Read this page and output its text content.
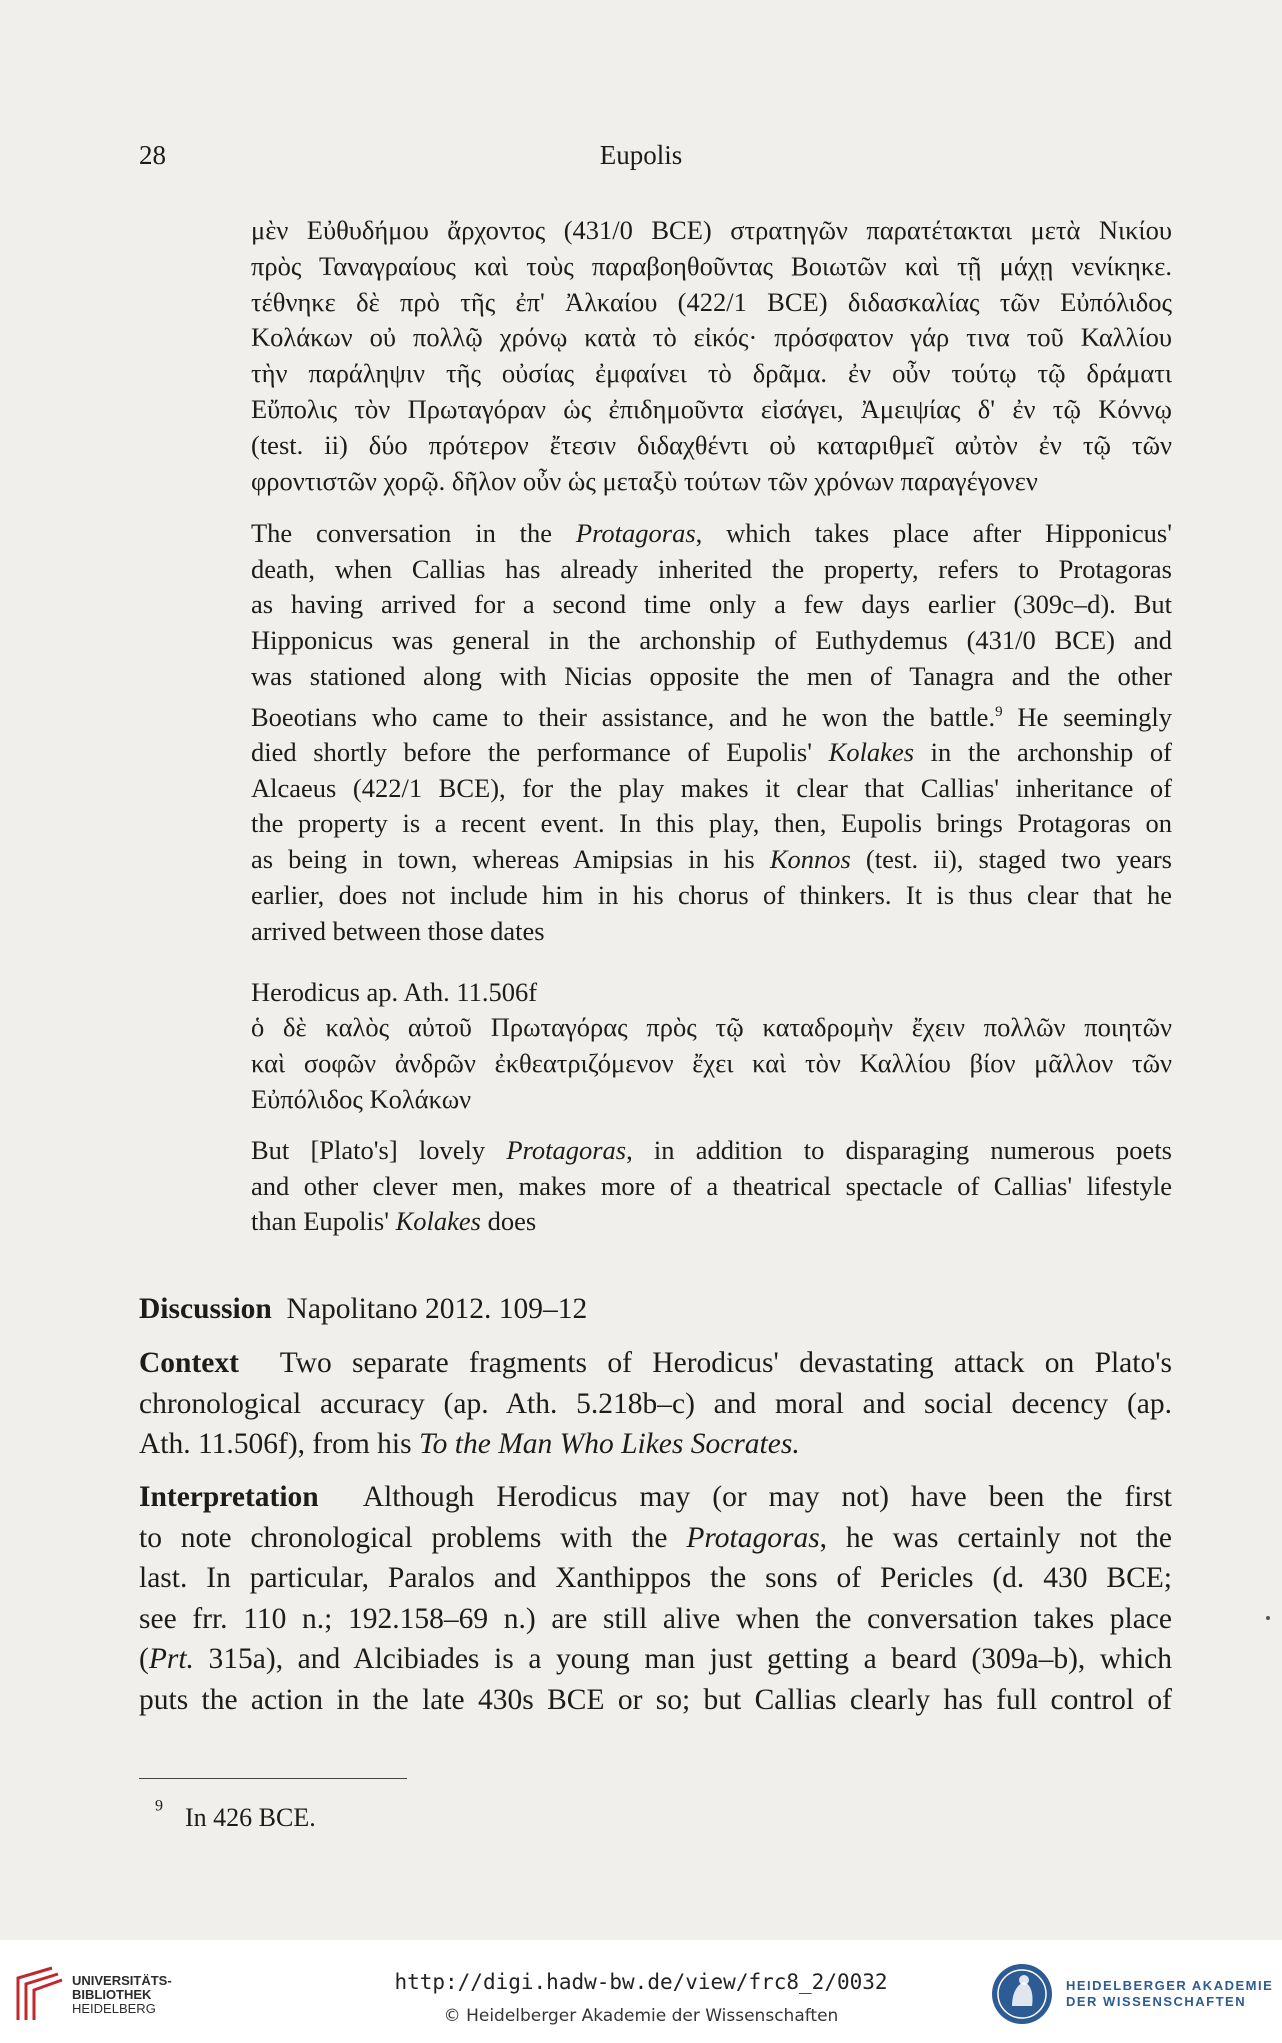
28	Eupolis
μὲν Εὐθυδήμου ἄρχοντος (431/0 BCE) στρατηγῶν παρατέτακται μετὰ Νικίου
πρὸς Ταναγραίους καὶ τοὺς παραβοηθοῦντας Βοιωτῶν καὶ τῇ μάχῃ νενίκηκε.
τέθνηκε δὲ πρὸ τῆς ἐπ' Ἀλκαίου (422/1 BCE) διδασκαλίας τῶν Εὐπόλιδος
Κολάκων οὐ πολλῷ χρόνῳ κατὰ τὸ εἰκός· πρόσφατον γάρ τινα τοῦ Καλλίου
τὴν παράληψιν τῆς οὐσίας ἐμφαίνει τὸ δρᾶμα. ἐν οὖν τούτῳ τῷ δράματι
Εὔπολις τὸν Πρωταγόραν ὡς ἐπιδημοῦντα εἰσάγει, Ἀμειψίας δ' ἐν τῷ Κόννῳ
(test. ii) δύο πρότερον ἔτεσιν διδαχθέντι οὐ καταριθμεῖ αὐτὸν ἐν τῷ τῶν
φροντιστῶν χορῷ. δῆλον οὖν ὡς μεταξὺ τούτων τῶν χρόνων παραγέγονεν
The conversation in the Protagoras, which takes place after Hipponicus'
death, when Callias has already inherited the property, refers to Protagoras
as having arrived for a second time only a few days earlier (309c–d). But
Hipponicus was general in the archonship of Euthydemus (431/0 BCE) and
was stationed along with Nicias opposite the men of Tanagra and the other
Boeotians who came to their assistance, and he won the battle.$^9$ He seemingly
died shortly before the performance of Eupolis' Kolakes in the archonship of
Alcaeus (422/1 BCE), for the play makes it clear that Callias' inheritance of
the property is a recent event. In this play, then, Eupolis brings Protagoras on
as being in town, whereas Amipsias in his Konnos (test. ii), staged two years
earlier, does not include him in his chorus of thinkers. It is thus clear that he
arrived between those dates
Herodicus ap. Ath. 11.506f
ὁ δὲ καλὸς αὐτοῦ Πρωταγόρας πρὸς τῷ καταδρομὴν ἔχειν πολλῶν ποιητῶν
καὶ σοφῶν ἀνδρῶν ἐκθεατριζόμενον ἔχει καὶ τὸν Καλλίου βίον μᾶλλον τῶν
Εὐπόλιδος Κολάκων
But [Plato's] lovely Protagoras, in addition to disparaging numerous poets
and other clever men, makes more of a theatrical spectacle of Callias' lifestyle
than Eupolis' Kolakes does
Discussion Napolitano 2012. 109–12
Context Two separate fragments of Herodicus' devastating attack on Plato's
chronological accuracy (ap. Ath. 5.218b–c) and moral and social decency (ap.
Ath. 11.506f), from his To the Man Who Likes Socrates.
Interpretation Although Herodicus may (or may not) have been the first
to note chronological problems with the Protagoras, he was certainly not the
last. In particular, Paralos and Xanthippos the sons of Pericles (d. 430 BCE;
see frr. 110 n.; 192.158–69 n.) are still alive when the conversation takes place
(Prt. 315a), and Alcibiades is a young man just getting a beard (309a–b), which
puts the action in the late 430s BCE or so; but Callias clearly has full control of
$^9$ In 426 BCE.
UNIVERSITÄTS-
BIBLIOTHEK
HEIDELBERG
http://digi.hadw-bw.de/view/frc8_2/0032
© Heidelberger Akademie der Wissenschaften
HEIDELBERGER AKADEMIE
DER WISSENSCHAFTEN
